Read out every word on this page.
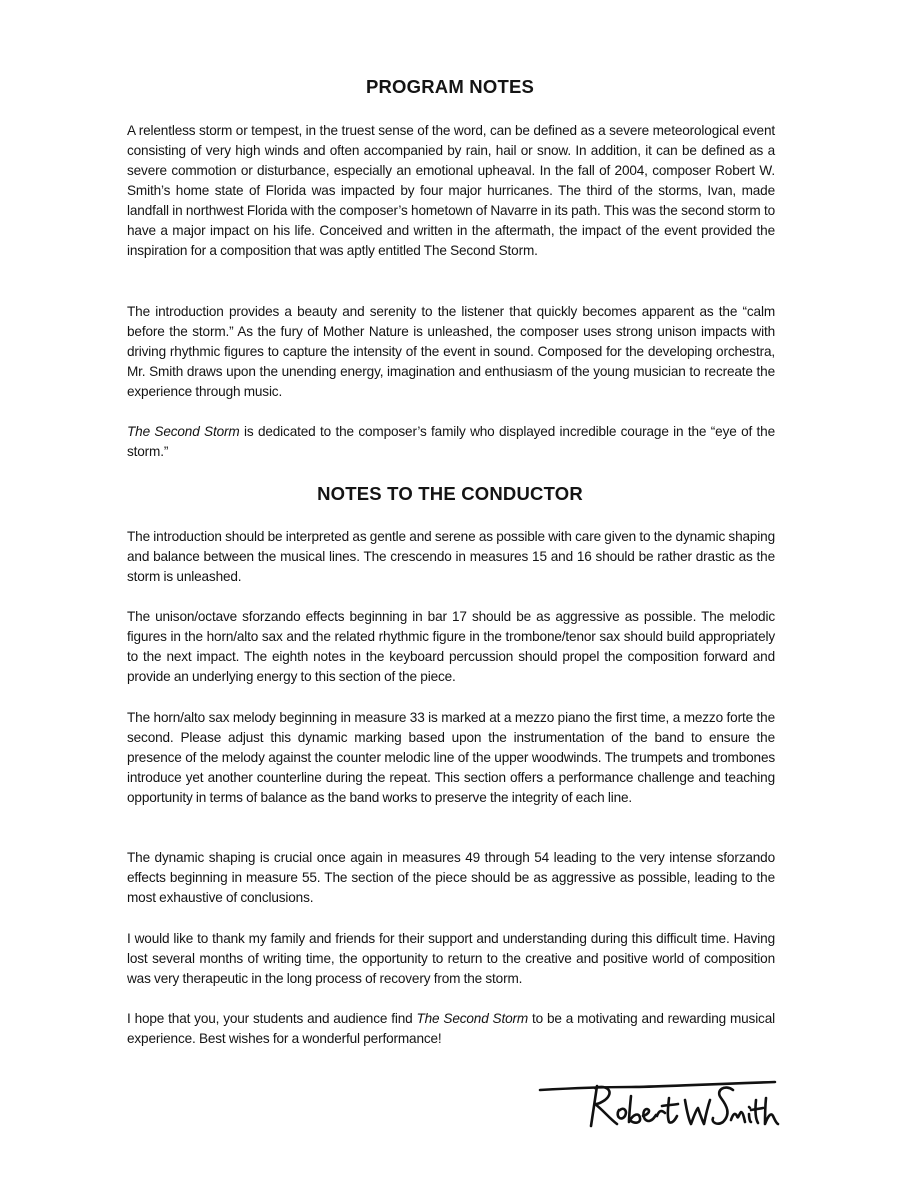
PROGRAM NOTES

A relentless storm or tempest, in the truest sense of the word, can be defined as a severe meteorological event consisting of very high winds and often accompanied by rain, hail or snow. In addition, it can be defined as a severe commotion or disturbance, especially an emotional upheaval. In the fall of 2004, composer Robert W. Smith’s home state of Florida was impacted by four major hurricanes. The third of the storms, Ivan, made landfall in northwest Florida with the composer’s hometown of Navarre in its path. This was the second storm to have a major impact on his life. Conceived and written in the aftermath, the impact of the event provided the inspiration for a composition that was aptly entitled The Second Storm.

The introduction provides a beauty and serenity to the listener that quickly becomes apparent as the “calm before the storm.” As the fury of Mother Nature is unleashed, the composer uses strong unison impacts with driving rhythmic figures to capture the intensity of the event in sound. Composed for the developing orchestra, Mr. Smith draws upon the unending energy, imagination and enthusiasm of the young musician to recreate the experience through music.

The Second Storm is dedicated to the composer’s family who displayed incredible courage in the “eye of the storm.”

NOTES TO THE CONDUCTOR

The introduction should be interpreted as gentle and serene as possible with care given to the dynamic shaping and balance between the musical lines. The crescendo in measures 15 and 16 should be rather drastic as the storm is unleashed.

The unison/octave sforzando effects beginning in bar 17 should be as aggressive as possible. The melodic figures in the horn/alto sax and the related rhythmic figure in the trombone/tenor sax should build appropriately to the next impact. The eighth notes in the keyboard percussion should propel the composition forward and provide an underlying energy to this section of the piece.

The horn/alto sax melody beginning in measure 33 is marked at a mezzo piano the first time, a mezzo forte the second. Please adjust this dynamic marking based upon the instrumentation of the band to ensure the presence of the melody against the counter melodic line of the upper woodwinds. The trumpets and trombones introduce yet another counterline during the repeat. This section offers a performance challenge and teaching opportunity in terms of balance as the band works to preserve the integrity of each line.

The dynamic shaping is crucial once again in measures 49 through 54 leading to the very intense sforzando effects beginning in measure 55. The section of the piece should be as aggressive as possible, leading to the most exhaustive of conclusions.

I would like to thank my family and friends for their support and understanding during this difficult time. Having lost several months of writing time, the opportunity to return to the creative and positive world of composition was very therapeutic in the long process of recovery from the storm.

I hope that you, your students and audience find The Second Storm to be a motivating and rewarding musical experience. Best wishes for a wonderful performance!
